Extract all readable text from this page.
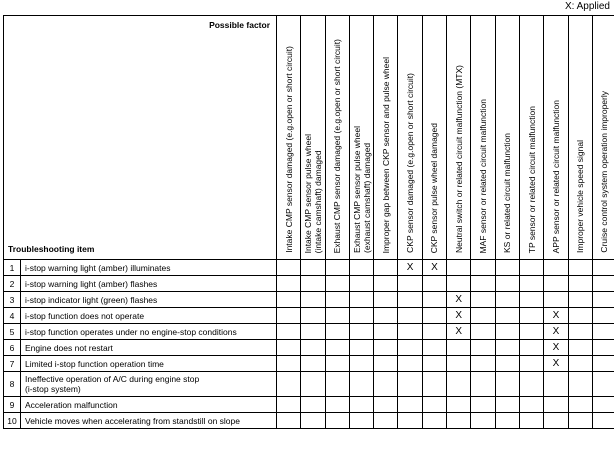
X: Applied
Possible factor
Troubleshooting item		Intake CMP sensor damaged (e.g.open or short circuit)	Intake CMP sensor pulse wheel (intake camshaft) damaged	Exhaust CMP sensor damaged (e.g.open or short circuit)	Exhaust CMP sensor pulse wheel (exhaust camshaft) damaged	Improper gap between CKP sensor and pulse wheel	CKP sensor damaged (e.g.open or short circuit)	CKP sensor pulse wheel damaged	Neutral switch or related circuit malfunction (MTX)	MAF sensor or related circuit malfunction	KS or related circuit malfunction	TP sensor or related circuit malfunction	APP sensor or related circuit malfunction	Improper vehicle speed signal	Cruise control system operation improperly

1	i-stop warning light (amber) illuminates						X	X							
2	i-stop warning light (amber) flashes														

3	i-stop indicator light (green) flashes								X						
4	i-stop function does not operate								X				X		
5	i-stop function operates under no engine-stop conditions								X				X		
6	Engine does not restart												X		
7	Limited i-stop function operation time												X		
8	Ineffective operation of A/C during engine stop
(i-stop system)														

9	Acceleration malfunction														

10	Vehicle moves when accelerating from standstill on slope														
